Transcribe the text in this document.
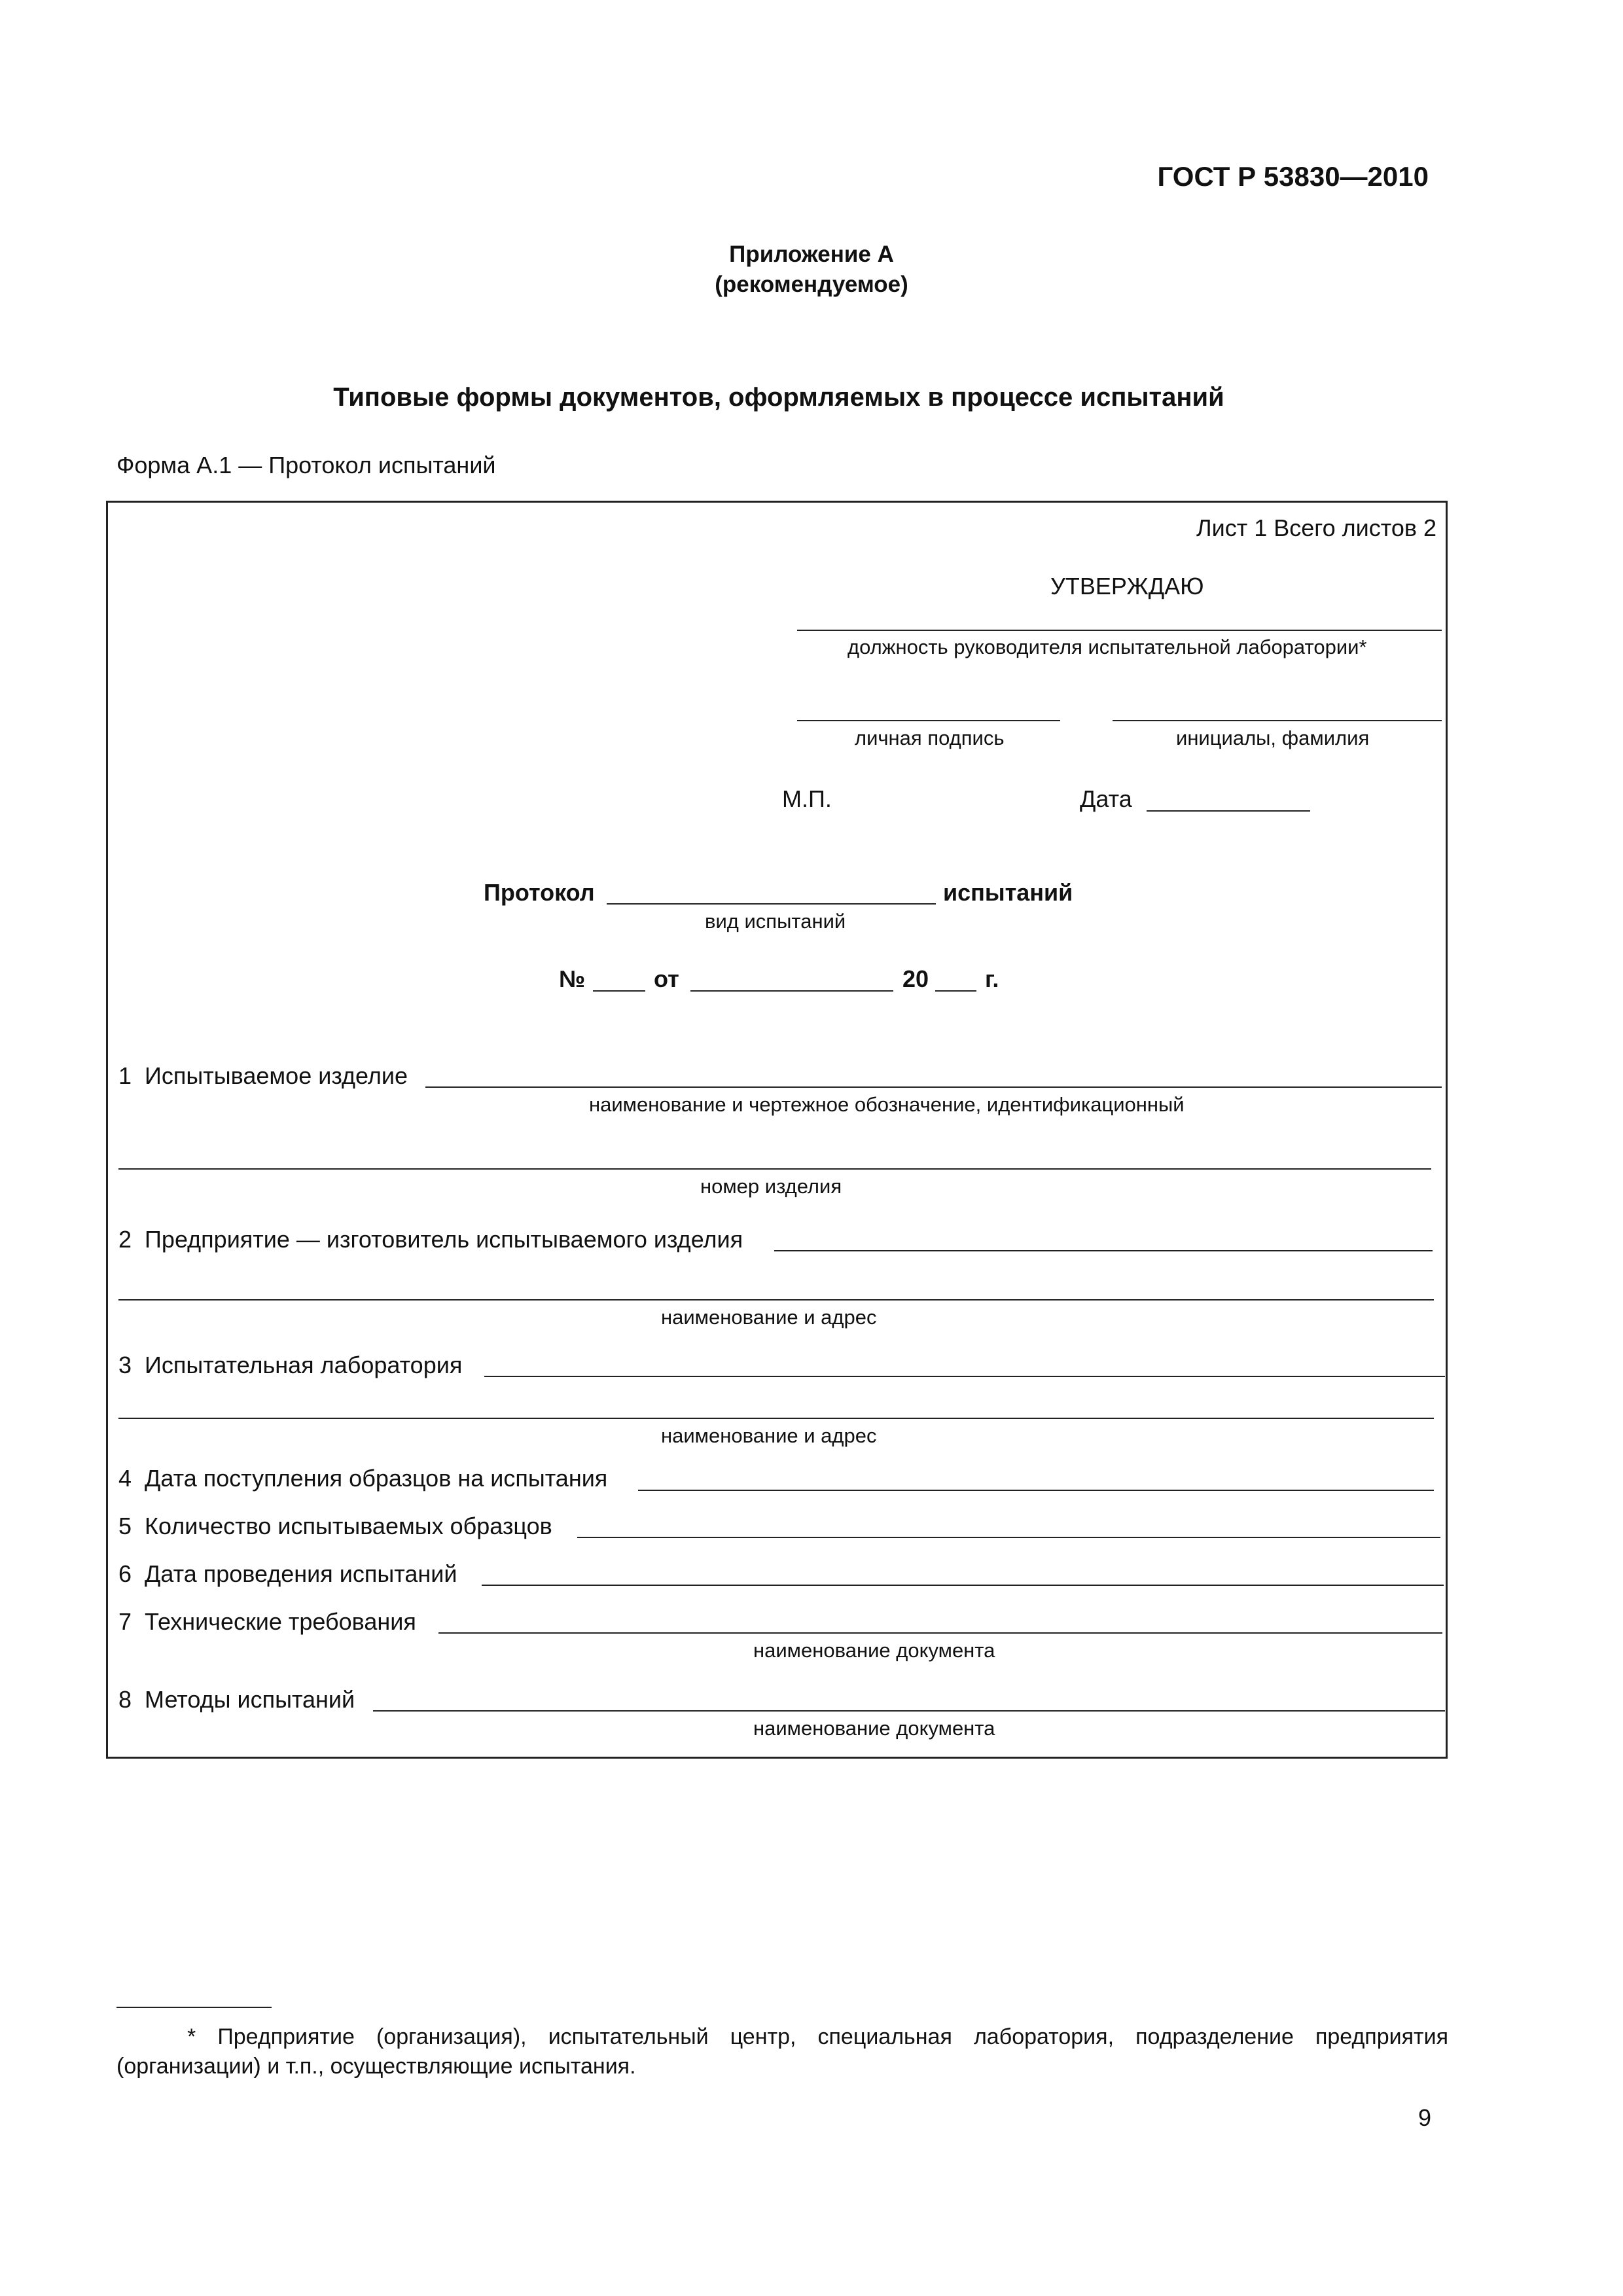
ГОСТ Р 53830—2010
Приложение А
(рекомендуемое)
Типовые формы документов, оформляемых в процессе испытаний
Форма А.1 — Протокол испытаний
Лист 1 Всего листов 2
УТВЕРЖДАЮ
должность руководителя испытательной лаборатории*
личная подпись	инициалы, фамилия
М.П.	Дата
Протокол	испытаний
вид испытаний
№	от	20 г.
1 Испытываемое изделие
наименование и чертежное обозначение, идентификационный
номер изделия
2 Предприятие — изготовитель испытываемого изделия
наименование и адрес
3 Испытательная лаборатория
наименование и адрес
4 Дата поступления образцов на испытания
5 Количество испытываемых образцов
6 Дата проведения испытаний
7 Технические требования
наименование документа
8 Методы испытаний
наименование документа
* Предприятие (организация), испытательный центр, специальная лаборатория, подразделение предприятия (организации) и т.п., осуществляющие испытания.
9
